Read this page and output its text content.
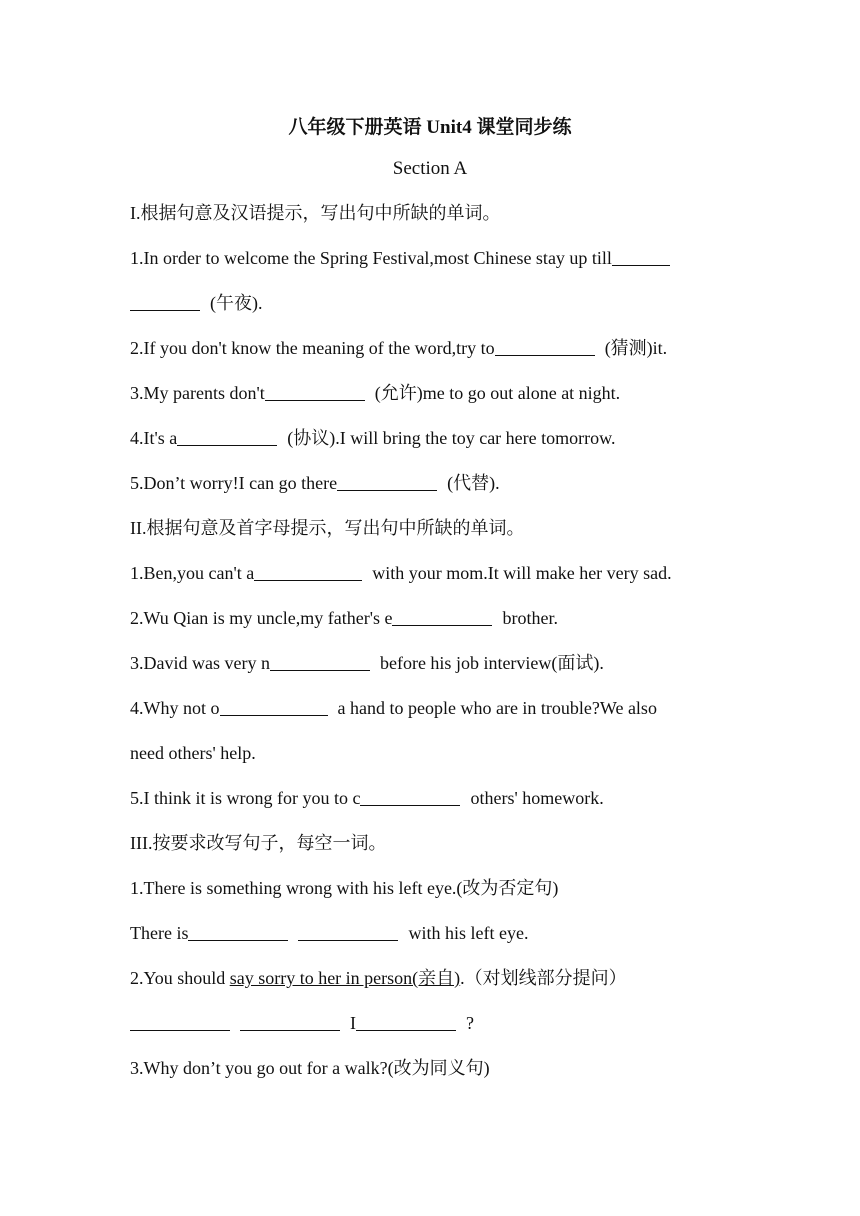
八年级下册英语 Unit4 课堂同步练

Section A

I.根据句意及汉语提示，写出句中所缺的单词。

1.In order to welcome the Spring Festival,most Chinese stay up till

(午夜).

2.If you don't know the meaning of the word,try to	(猜测)it.

3.My parents don't	(允许)me to go out alone at night.

4.It's a	(协议).I will bring the toy car here tomorrow.

5.Don’t worry!I can go there	(代替).

II.根据句意及首字母提示，写出句中所缺的单词。

1.Ben,you can't a	with your mom.It will make her very sad.

2.Wu Qian is my uncle,my father's e	brother.

3.David was very n	before his job interview(面试).

4.Why not o	a hand to people who are in trouble?We also

need others' help.

5.I think it is wrong for you to c	others' homework.

III.按要求改写句子，每空一词。

1.There is something wrong with his left eye.(改为否定句)

There is	with his left eye.

2.You should say sorry to her in person(亲自).（对划线部分提问）

I	?

3.Why don’t you go out for a walk?(改为同义句)
